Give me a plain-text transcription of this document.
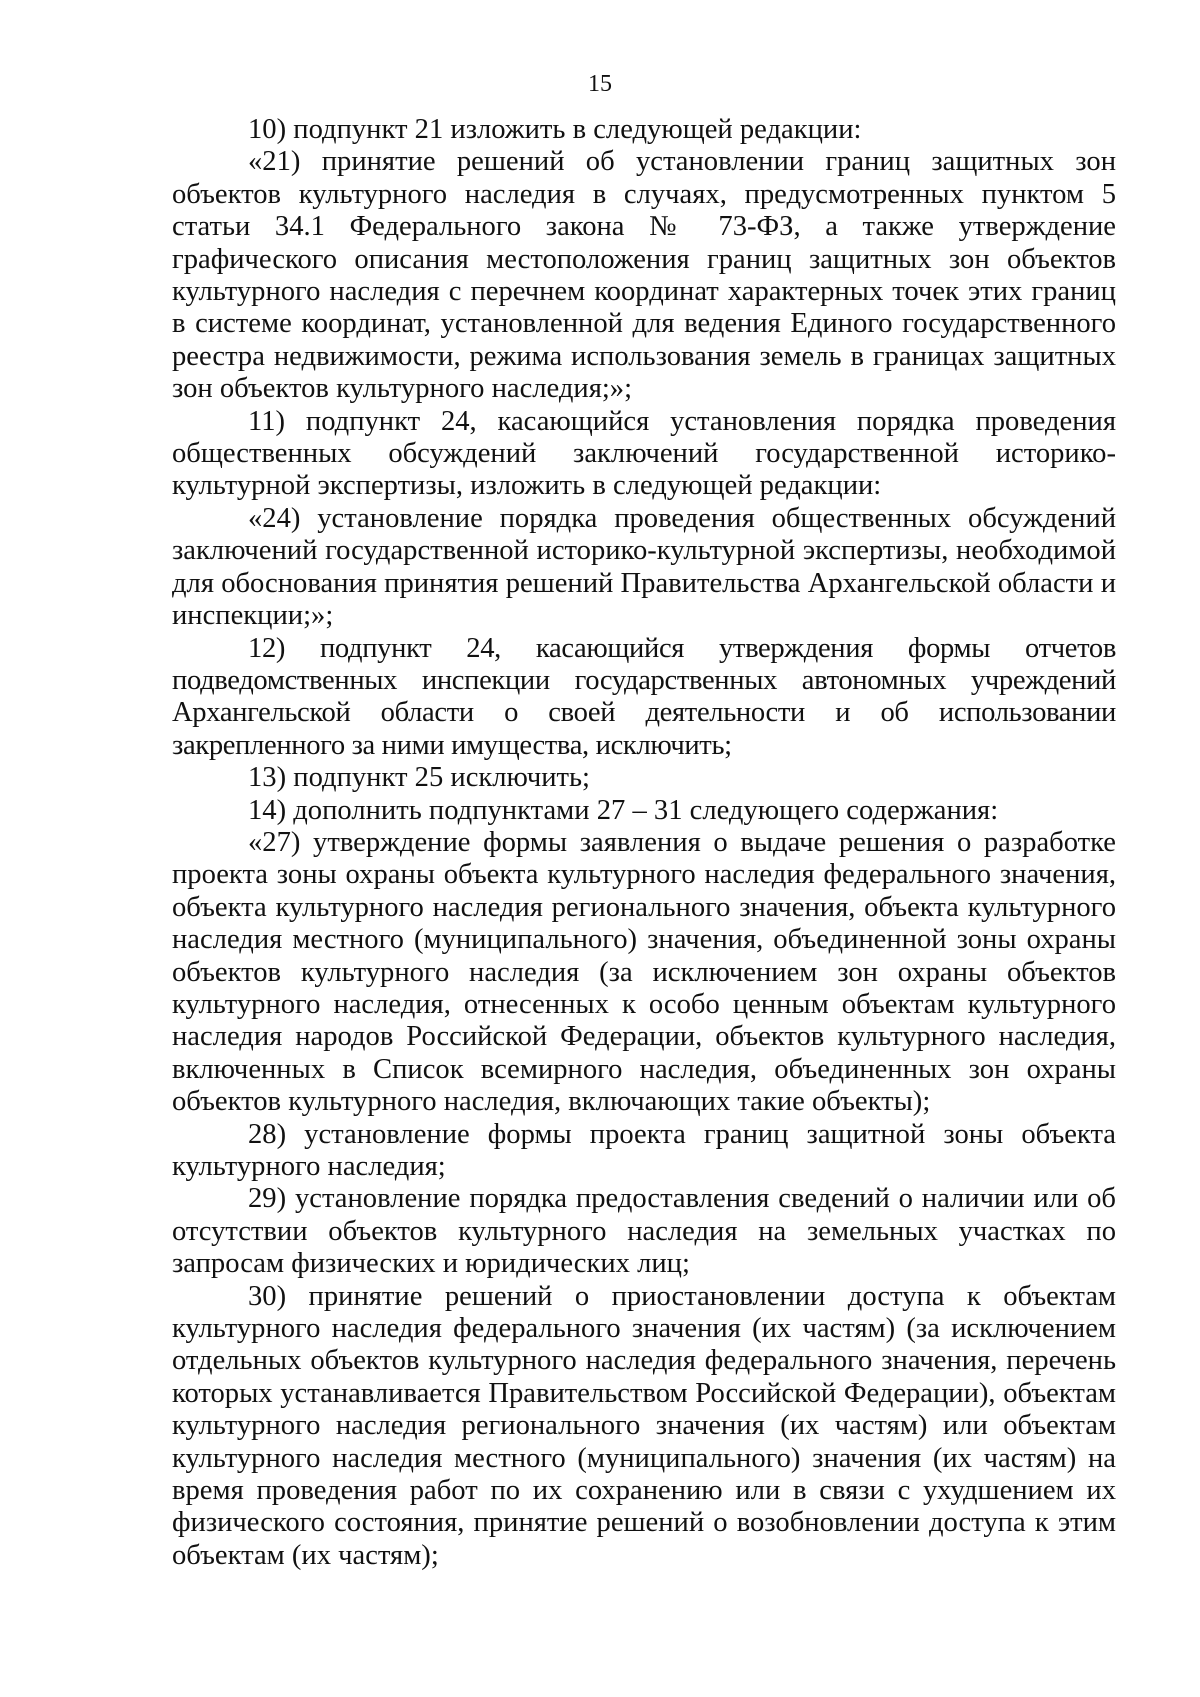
15

10) подпункт 21 изложить в следующей редакции:

«21) принятие решений об установлении границ защитных зон объектов культурного наследия в случаях, предусмотренных пунктом 5 статьи 34.1 Федерального закона № 73-ФЗ, а также утверждение графического описания местоположения границ защитных зон объектов культурного наследия с перечнем координат характерных точек этих границ в системе координат, установленной для ведения Единого государственного реестра недвижимости, режима использования земель в границах защитных зон объектов культурного наследия;»;

11) подпункт 24, касающийся установления порядка проведения общественных обсуждений заключений государственной историко-культурной экспертизы, изложить в следующей редакции:

«24) установление порядка проведения общественных обсуждений заключений государственной историко-культурной экспертизы, необходимой для обоснования принятия решений Правительства Архангельской области и инспекции;»;

12) подпункт 24, касающийся утверждения формы отчетов подведомственных инспекции государственных автономных учреждений Архангельской области о своей деятельности и об использовании закрепленного за ними имущества, исключить;

13) подпункт 25 исключить;

14) дополнить подпунктами 27 – 31 следующего содержания:

«27) утверждение формы заявления о выдаче решения о разработке проекта зоны охраны объекта культурного наследия федерального значения, объекта культурного наследия регионального значения, объекта культурного наследия местного (муниципального) значения, объединенной зоны охраны объектов культурного наследия (за исключением зон охраны объектов культурного наследия, отнесенных к особо ценным объектам культурного наследия народов Российской Федерации, объектов культурного наследия, включенных в Список всемирного наследия, объединенных зон охраны объектов культурного наследия, включающих такие объекты);

28) установление формы проекта границ защитной зоны объекта культурного наследия;

29) установление порядка предоставления сведений о наличии или об отсутствии объектов культурного наследия на земельных участках по запросам физических и юридических лиц;

30) принятие решений о приостановлении доступа к объектам культурного наследия федерального значения (их частям) (за исключением отдельных объектов культурного наследия федерального значения, перечень которых устанавливается Правительством Российской Федерации), объектам культурного наследия регионального значения (их частям) или объектам культурного наследия местного (муниципального) значения (их частям) на время проведения работ по их сохранению или в связи с ухудшением их физического состояния, принятие решений о возобновлении доступа к этим объектам (их частям);
